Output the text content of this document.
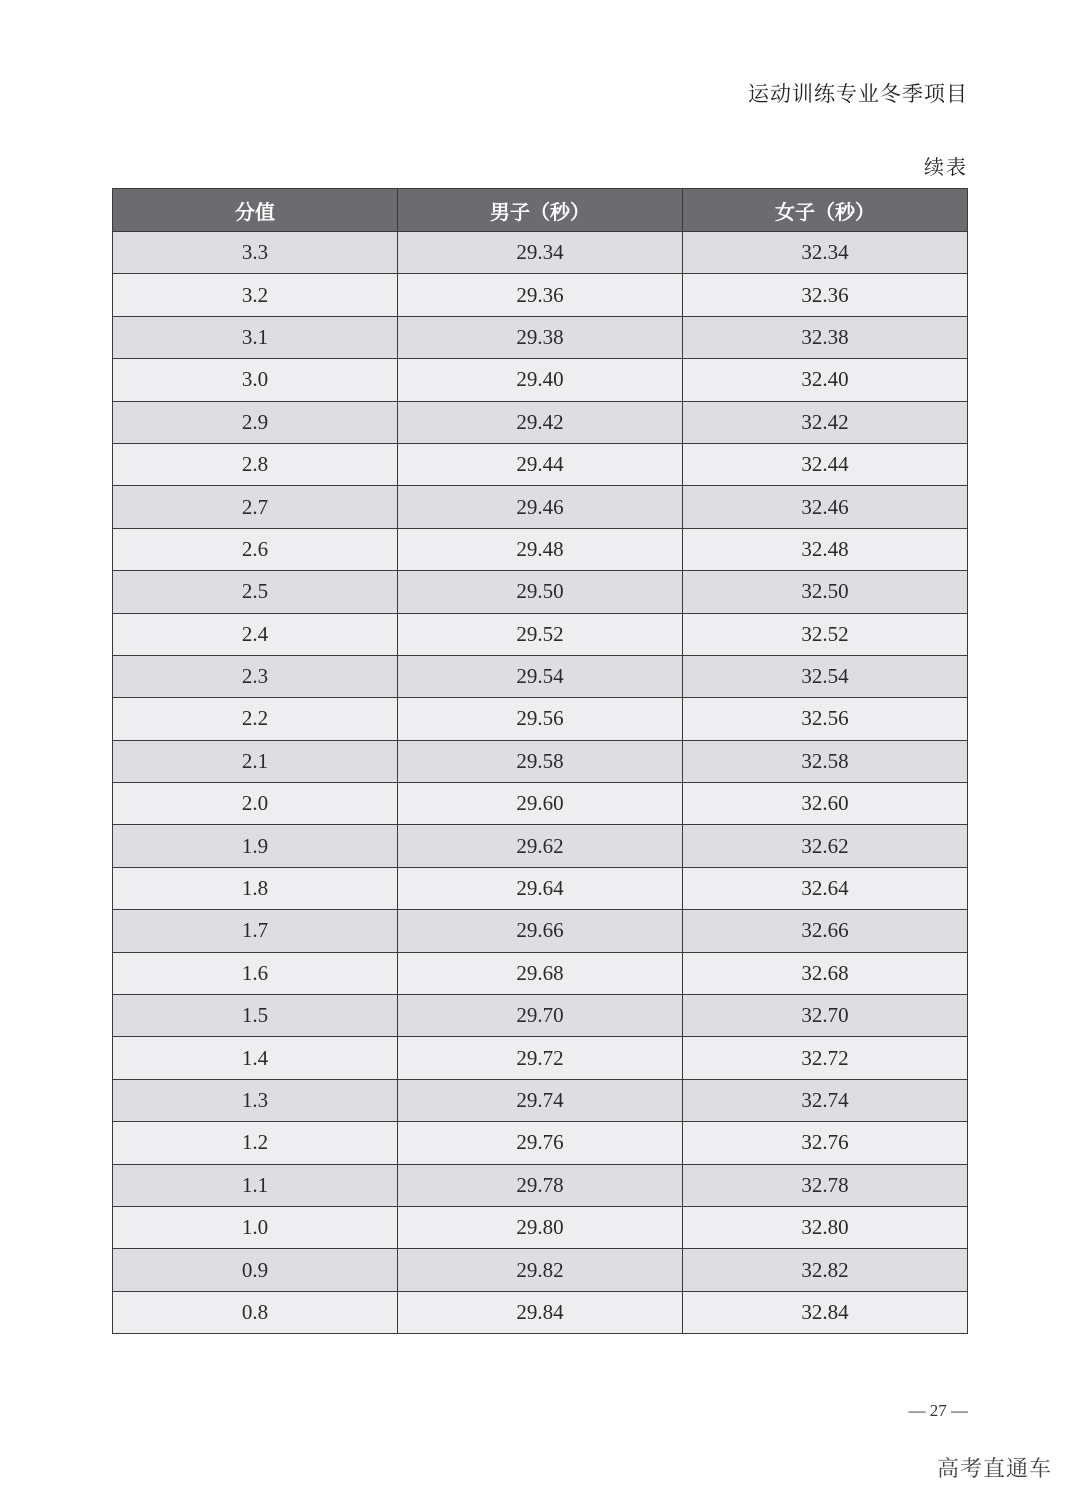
运动训练专业冬季项目
续表
分值	男子（秒）	女子（秒）
3.3	29.34	32.34
3.2	29.36	32.36
3.1	29.38	32.38
3.0	29.40	32.40
2.9	29.42	32.42
2.8	29.44	32.44
2.7	29.46	32.46
2.6	29.48	32.48
2.5	29.50	32.50
2.4	29.52	32.52
2.3	29.54	32.54
2.2	29.56	32.56
2.1	29.58	32.58
2.0	29.60	32.60
1.9	29.62	32.62
1.8	29.64	32.64
1.7	29.66	32.66
1.6	29.68	32.68
1.5	29.70	32.70
1.4	29.72	32.72
1.3	29.74	32.74
1.2	29.76	32.76
1.1	29.78	32.78
1.0	29.80	32.80
0.9	29.82	32.82
0.8	29.84	32.84
— 27 —
高考直通车
